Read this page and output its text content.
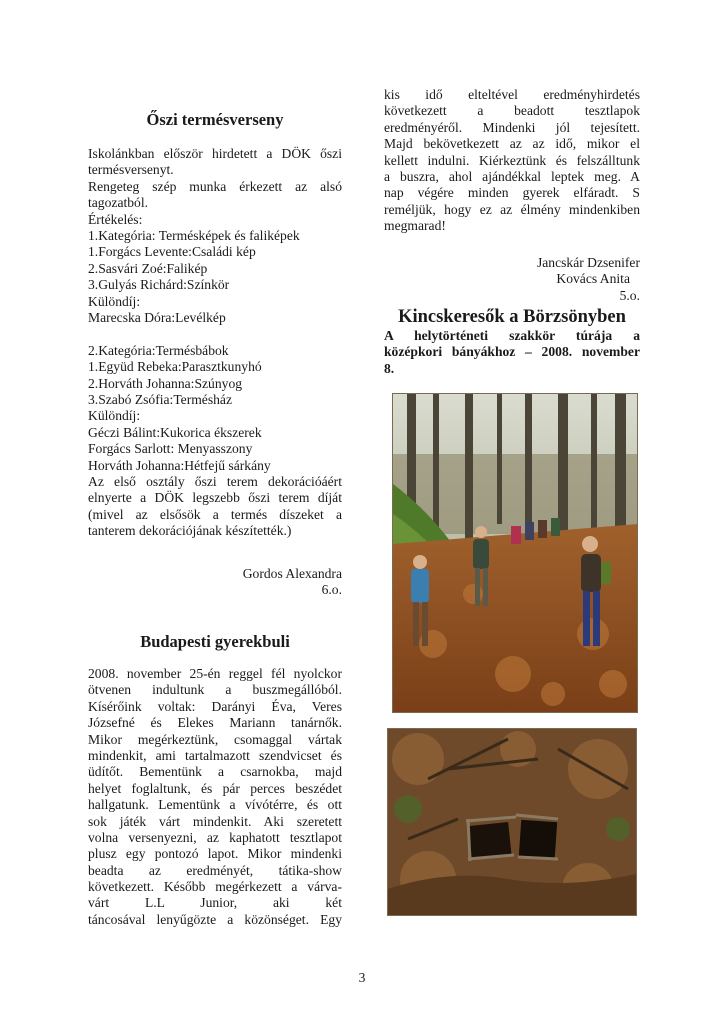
Őszi termésverseny
Iskolánkban először hirdetett a DÖK őszi
termésversenyt.
Rengeteg szép munka érkezett az alsó
tagozatból.
Értékelés:
1.Kategória: Termésképek és faliképek
1.Forgács Levente:Családi kép
2.Sasvári Zoé:Falikép
3.Gulyás Richárd:Színkör
Különdíj:
Marecska Dóra:Levélkép
2.Kategória:Termésbábok
1.Együd Rebeka:Parasztkunyhó
2.Horváth Johanna:Szúnyog
3.Szabó Zsófia:Termésház
Különdíj:
Géczi Bálint:Kukorica ékszerek
Forgács Sarlott: Menyasszony
Horváth Johanna:Hétfejű sárkány
Az első osztály őszi terem dekorációáért
elnyerte a DÖK legszebb őszi terem díját
(mivel az elsősök a termés díszeket a
tanterem dekorációjának készítették.)
Gordos Alexandra
6.o.
Budapesti gyerekbuli
2008. november 25-én reggel fél nyolckor
ötvenen indultunk a buszmegállóból.
Kísérőink voltak: Darányi Éva, Veres
Józsefné és Elekes Mariann tanárnők.
Mikor megérkeztünk, csomaggal vártak
mindenkit, ami tartalmazott szendvicset és
üdítőt. Bementünk a csarnokba, majd
helyet foglaltunk, és pár perces beszédet
hallgatunk. Lementünk a vívótérre, és ott
sok játék várt mindenkit. Aki szeretett
volna versenyezni, az kaphatott tesztlapot
plusz egy pontozó lapot. Mikor mindenki
beadta az eredményét, tátika-show
következett. Később megérkezett a várva-
várt L.L Junior, aki két
táncosával lenyűgözte a közönséget. Egy
kis idő elteltével eredményhirdetés
következett a beadott tesztlapok
eredményéről. Mindenki jól tejesített.
Majd bekövetkezett az az idő, mikor el
kellett indulni. Kiérkeztünk és felszálltunk
a buszra, ahol ajándékkal leptek meg. A
nap végére minden gyerek elfáradt. S
reméljük, hogy ez az élmény mindenkiben
megmarad!
Jancskár Dzsenifer
Kovács Anita
5.o.
Kincskeresők a Börzsönyben
A helytörténeti szakkör túrája a
középkori bányákhoz – 2008. november
8.
3
